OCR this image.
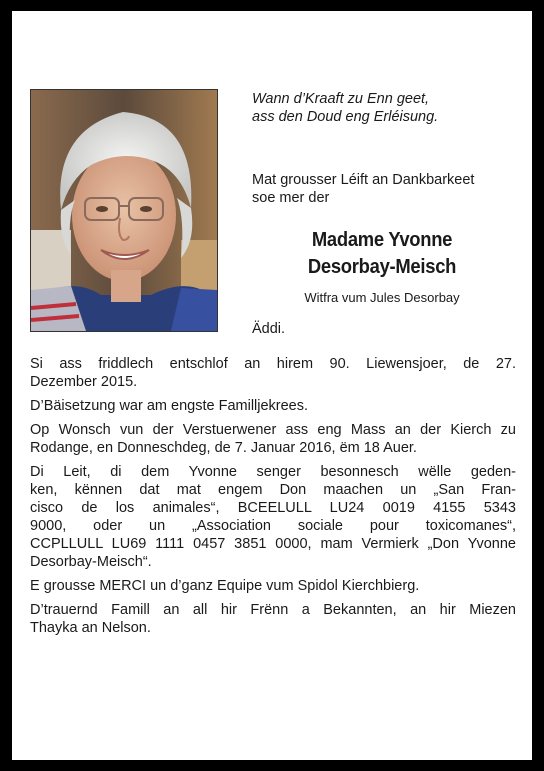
Wann d’Kraaft zu Enn geet,
ass den Doud eng Erléisung.
Mat grousser Léift an Dankbarkeet
soe mer der
Madame Yvonne
Desorbay-Meisch
Witfra vum Jules Desorbay
Äddi.

Si ass friddlech entschlof an hirem 90. Liewensjoer, de 27.
Dezember 2015.

D’Bäisetzung war am engste Familljekrees.

Op Wonsch vun der Verstuerwener ass eng Mass an der Kierch zu
Rodange, en Donneschdeg, de 7. Januar 2016, ëm 18 Auer.

Di Leit, di dem Yvonne senger besonnesch wëlle geden-
ken, kënnen dat mat engem Don maachen un „San Fran-
cisco de los animales“, BCEELULL LU24 0019 4155 5343
9000, oder un „Association sociale pour toxicomanes“,
CCPLLULL LU69 1111 0457 3851 0000, mam Vermierk „Don Yvonne
Desorbay-Meisch“.

E grousse MERCI un d’ganz Equipe vum Spidol Kierchbierg.

D’trauernd Famill an all hir Frënn a Bekannten, an hir Miezen
Thayka an Nelson.
